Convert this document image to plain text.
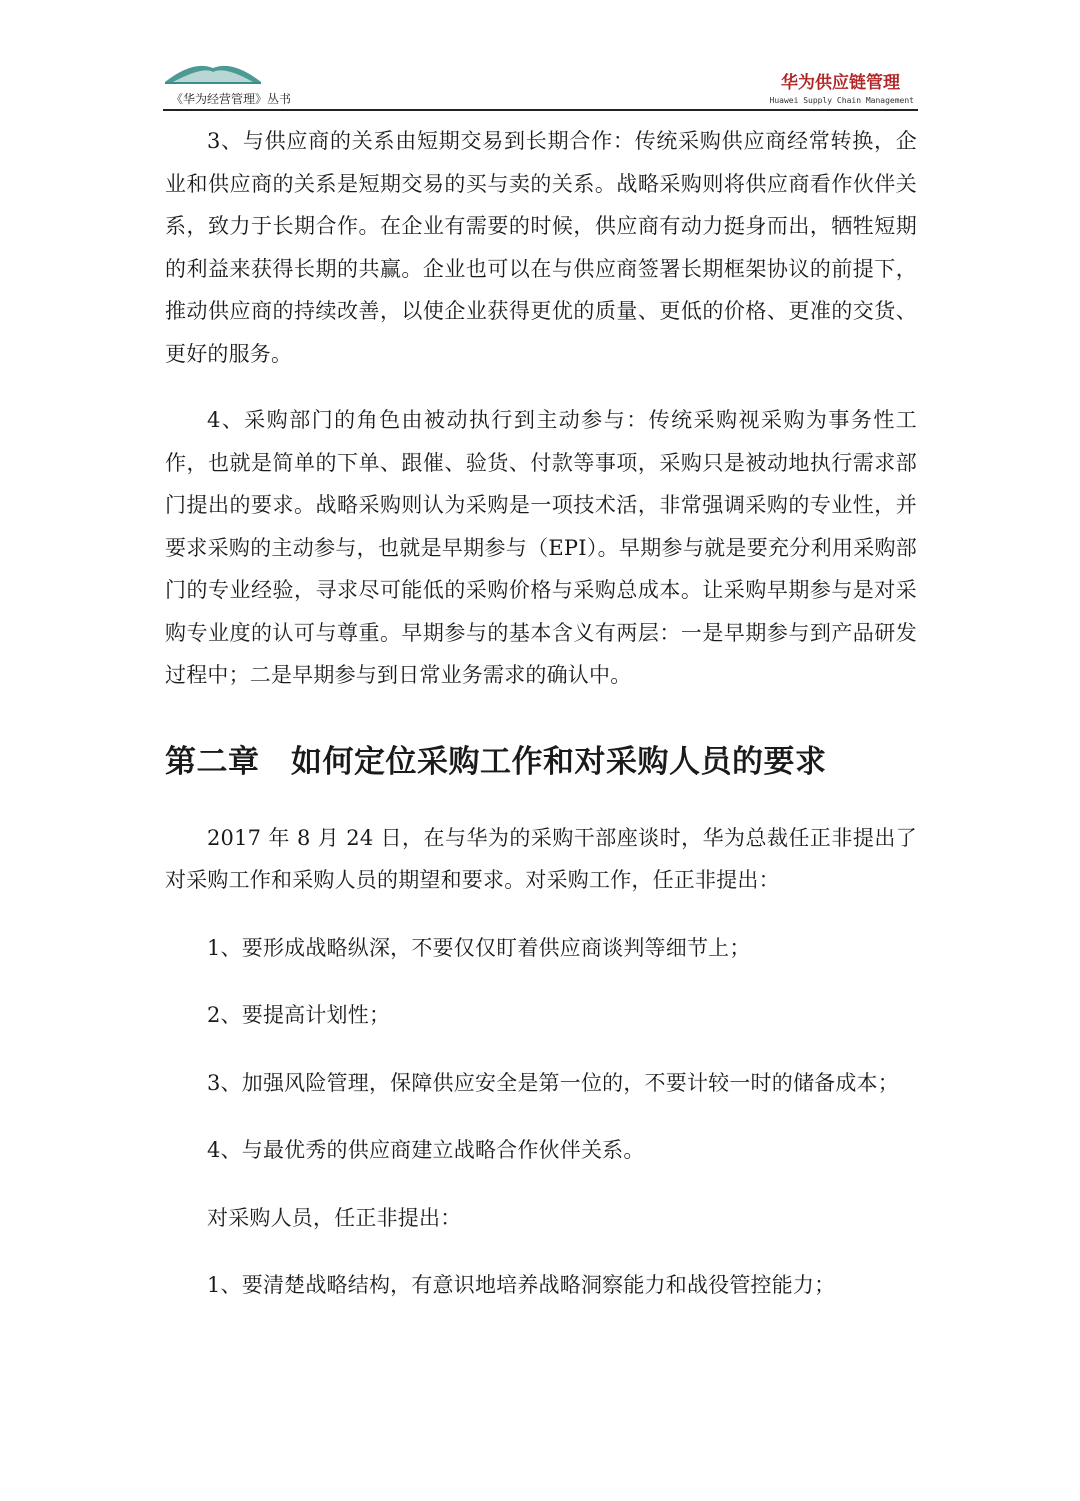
《华为经营管理》丛书
华为供应链管理
Huawei Supply Chain Management

3、与供应商的关系由短期交易到长期合作：传统采购供应商经常转换，企业和供应商的关系是短期交易的买与卖的关系。战略采购则将供应商看作伙伴关系，致力于长期合作。在企业有需要的时候，供应商有动力挺身而出，牺牲短期的利益来获得长期的共赢。企业也可以在与供应商签署长期框架协议的前提下，推动供应商的持续改善，以使企业获得更优的质量、更低的价格、更准的交货、更好的服务。

4、采购部门的角色由被动执行到主动参与：传统采购视采购为事务性工作，也就是简单的下单、跟催、验货、付款等事项，采购只是被动地执行需求部门提出的要求。战略采购则认为采购是一项技术活，非常强调采购的专业性，并要求采购的主动参与，也就是早期参与（EPI）。早期参与就是要充分利用采购部门的专业经验，寻求尽可能低的采购价格与采购总成本。让采购早期参与是对采购专业度的认可与尊重。早期参与的基本含义有两层：一是早期参与到产品研发过程中；二是早期参与到日常业务需求的确认中。

第二章　如何定位采购工作和对采购人员的要求

2017 年 8 月 24 日，在与华为的采购干部座谈时，华为总裁任正非提出了对采购工作和采购人员的期望和要求。对采购工作，任正非提出：

1、要形成战略纵深，不要仅仅盯着供应商谈判等细节上；

2、要提高计划性；

3、加强风险管理，保障供应安全是第一位的，不要计较一时的储备成本；

4、与最优秀的供应商建立战略合作伙伴关系。

对采购人员，任正非提出：

1、要清楚战略结构，有意识地培养战略洞察能力和战役管控能力；
